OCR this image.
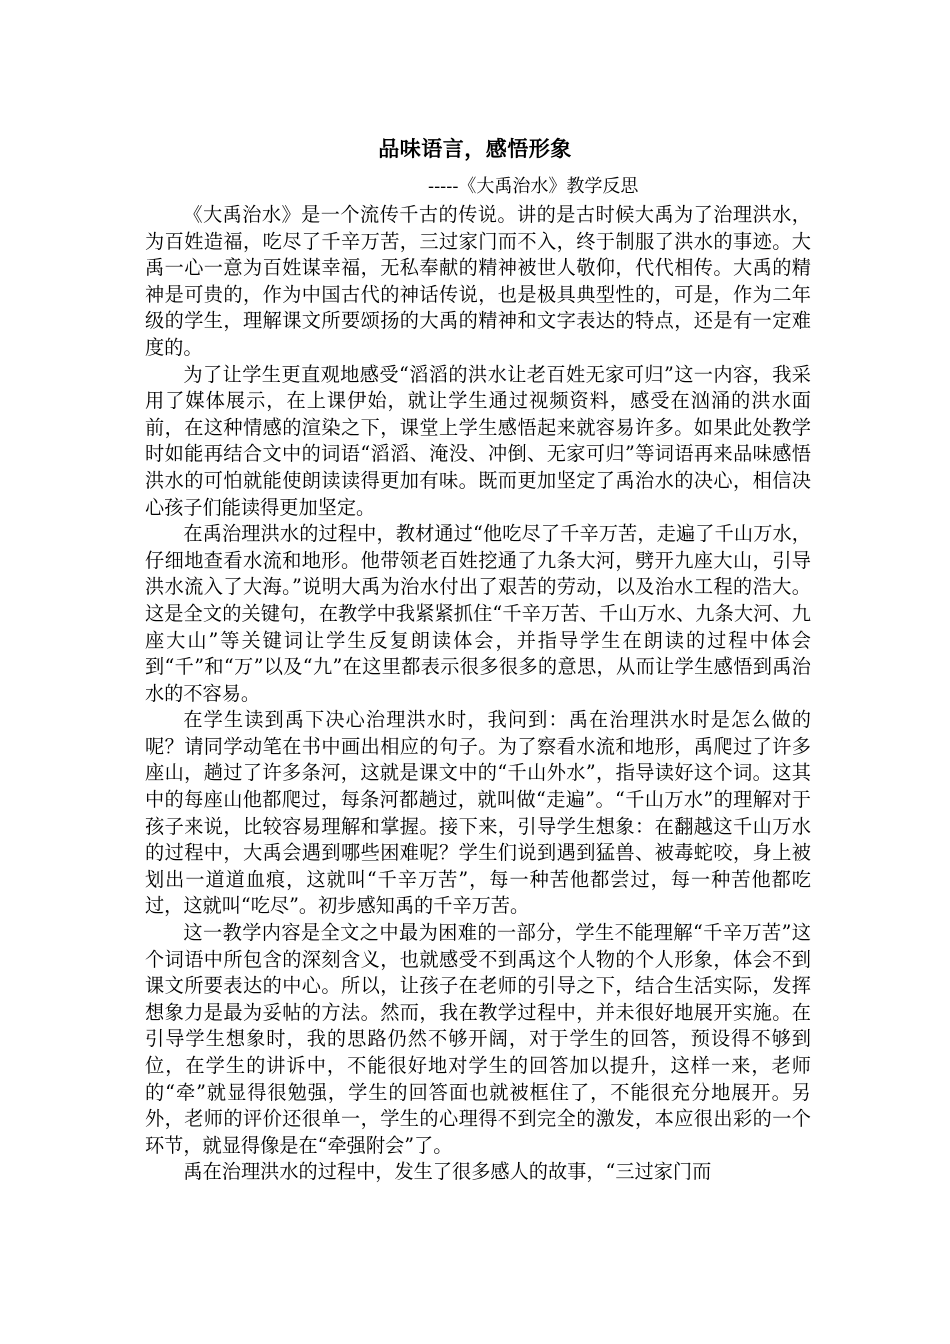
品味语言，感悟形象
-----《大禹治水》教学反思

《大禹治水》是一个流传千古的传说。讲的是古时候大禹为了治理洪水，为百姓造福，吃尽了千辛万苦，三过家门而不入，终于制服了洪水的事迹。大禹一心一意为百姓谋幸福，无私奉献的精神被世人敬仰，代代相传。大禹的精神是可贵的，作为中国古代的神话传说，也是极具典型性的，可是，作为二年级的学生，理解课文所要颂扬的大禹的精神和文字表达的特点，还是有一定难度的。

为了让学生更直观地感受“滔滔的洪水让老百姓无家可归”这一内容，我采用了媒体展示，在上课伊始，就让学生通过视频资料，感受在汹涌的洪水面前，在这种情感的渲染之下，课堂上学生感悟起来就容易许多。如果此处教学时如能再结合文中的词语“滔滔、淹没、冲倒、无家可归”等词语再来品味感悟洪水的可怕就能使朗读读得更加有味。既而更加坚定了禹治水的决心，相信决心孩子们能读得更加坚定。

在禹治理洪水的过程中，教材通过“他吃尽了千辛万苦，走遍了千山万水，仔细地查看水流和地形。他带领老百姓挖通了九条大河，劈开九座大山，引导洪水流入了大海。”说明大禹为治水付出了艰苦的劳动，以及治水工程的浩大。这是全文的关键句，在教学中我紧紧抓住“千辛万苦、千山万水、九条大河、九座大山”等关键词让学生反复朗读体会，并指导学生在朗读的过程中体会到“千”和“万”以及“九”在这里都表示很多很多的意思，从而让学生感悟到禹治水的不容易。

在学生读到禹下决心治理洪水时，我问到：禹在治理洪水时是怎么做的呢？请同学动笔在书中画出相应的句子。为了察看水流和地形，禹爬过了许多座山，趟过了许多条河，这就是课文中的“千山外水”，指导读好这个词。这其中的每座山他都爬过，每条河都趟过，就叫做“走遍”。“千山万水”的理解对于孩子来说，比较容易理解和掌握。接下来，引导学生想象：在翻越这千山万水的过程中，大禹会遇到哪些困难呢？学生们说到遇到猛兽、被毒蛇咬，身上被划出一道道血痕，这就叫“千辛万苦”，每一种苦他都尝过，每一种苦他都吃过，这就叫“吃尽”。初步感知禹的千辛万苦。

这一教学内容是全文之中最为困难的一部分，学生不能理解“千辛万苦”这个词语中所包含的深刻含义，也就感受不到禹这个人物的个人形象，体会不到课文所要表达的中心。所以，让孩子在老师的引导之下，结合生活实际，发挥想象力是最为妥帖的方法。然而，我在教学过程中，并未很好地展开实施。在引导学生想象时，我的思路仍然不够开阔，对于学生的回答，预设得不够到位，在学生的讲诉中，不能很好地对学生的回答加以提升，这样一来，老师的“牵”就显得很勉强，学生的回答面也就被框住了，不能很充分地展开。另外，老师的评价还很单一，学生的心理得不到完全的激发，本应很出彩的一个环节，就显得像是在“牵强附会”了。

禹在治理洪水的过程中，发生了很多感人的故事，“三过家门而
